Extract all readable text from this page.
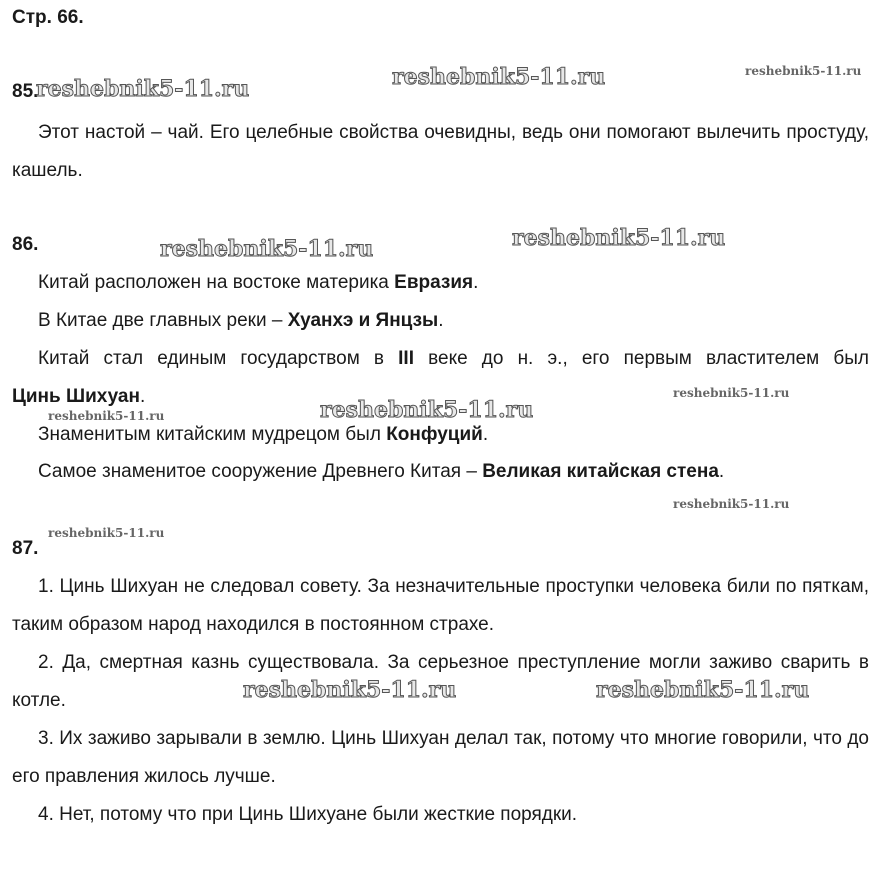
Стр. 66.
85.

Этот настой – чай. Его целебные свойства очевидны, ведь они помогают вылечить простуду, кашель.

86.
Китай расположен на востоке материка Евразия.
В Китае две главных реки – Хуанхэ и Янцзы.
Китай стал единым государством в III веке до н. э., его первым властителем был
Цинь Шихуан.
Знаменитым китайским мудрецом был Конфуций.
Самое знаменитое сооружение Древнего Китая – Великая китайская стена.
87.

1. Цинь Шихуан не следовал совету. За незначительные проступки человека били по пяткам, таким образом народ находился в постоянном страхе.

2. Да, смертная казнь существовала. За серьезное преступление могли заживо сварить в котле.

3. Их заживо зарывали в землю. Цинь Шихуан делал так, потому что многие говорили, что до его правления жилось лучше.

4. Нет, потому что при Цинь Шихуане были жесткие порядки.

reshebnik5-11.ru	reshebnik5-11.ru	reshebnik5-11.ru
reshebnik5-11.ru	reshebnik5-11.ru
reshebnik5-11.ru
reshebnik5-11.ru	reshebnik5-11.ru
reshebnik5-11.ru
reshebnik5-11.ru
reshebnik5-11.ru	reshebnik5-11.ru
